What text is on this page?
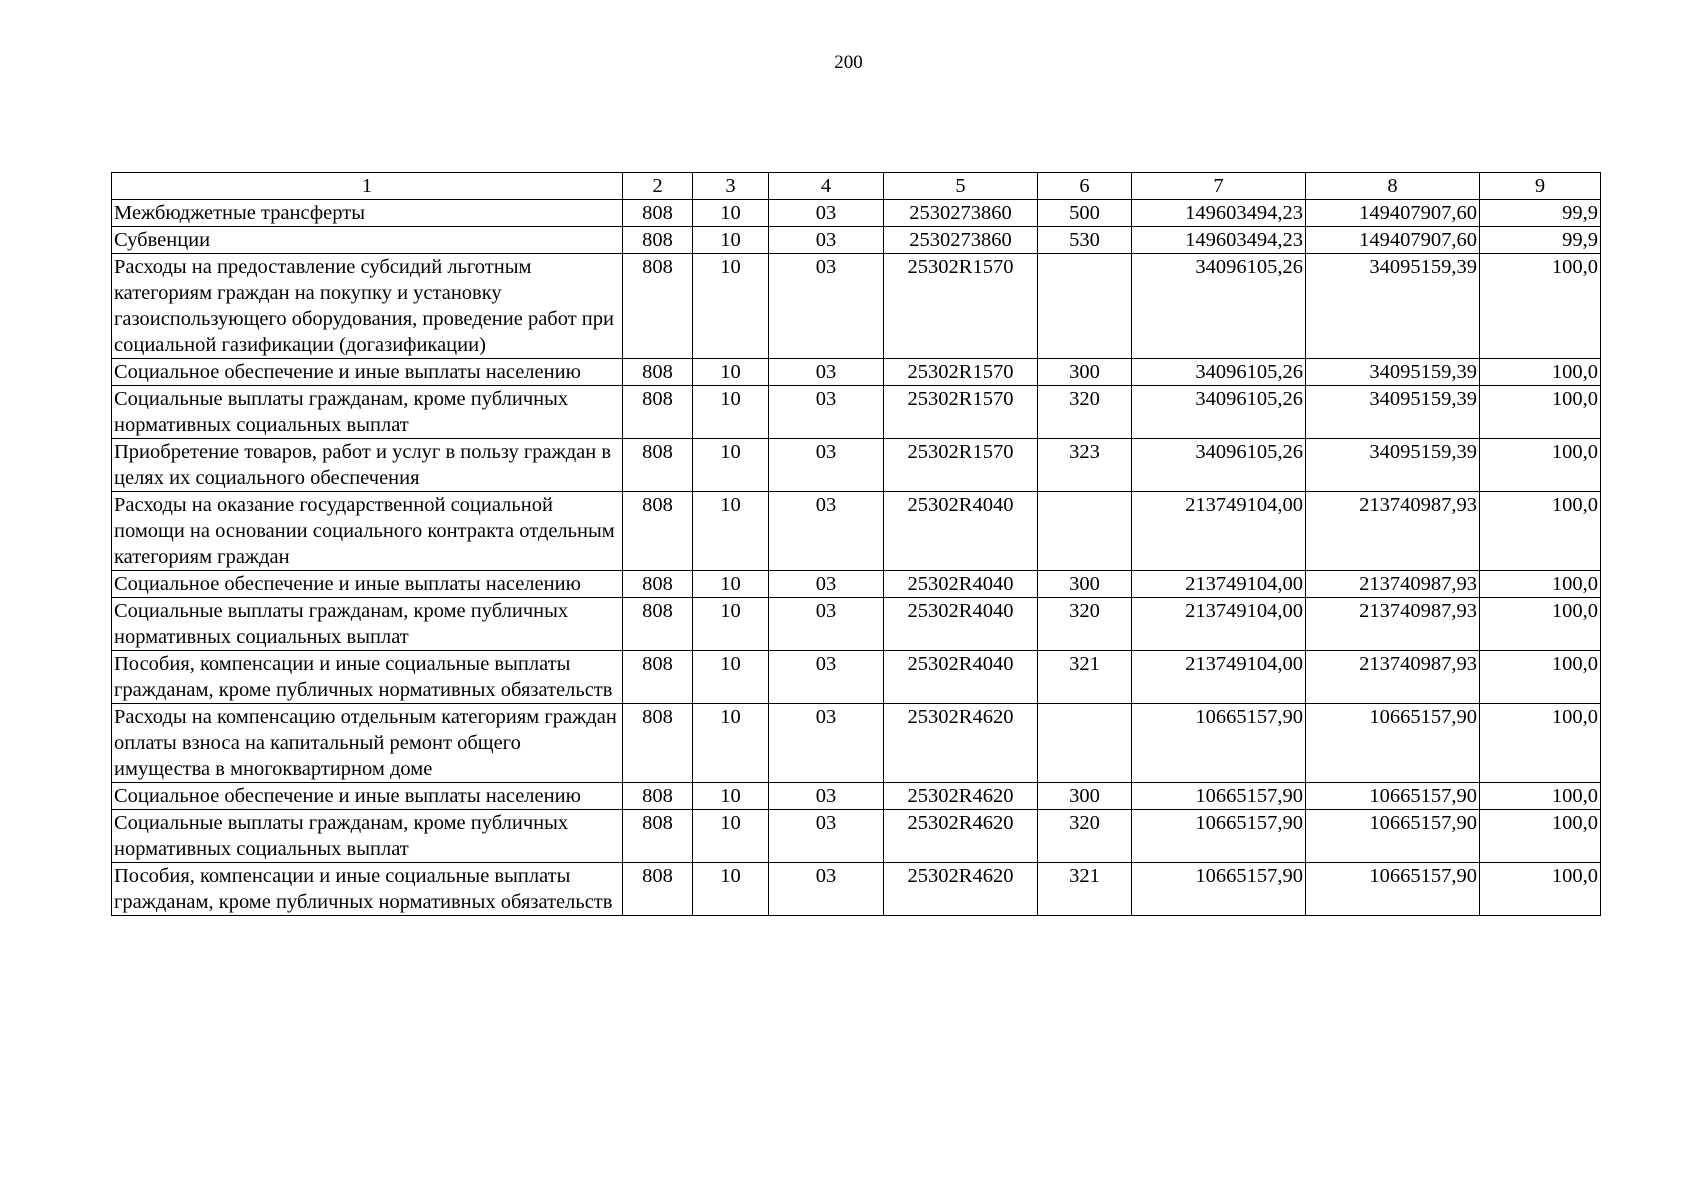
200
1	2	3	4	5	6	7	8	9
Межбюджетные трансферты	808	10	03	2530273860	500	149603494,23	149407907,60	99,9
Субвенции	808	10	03	2530273860	530	149603494,23	149407907,60	99,9
Расходы на предоставление субсидий льготным категориям граждан на покупку и установку газоиспользующего оборудования, проведение работ при социальной газификации (догазификации)	808	10	03	25302R1570		34096105,26	34095159,39	100,0
Социальное обеспечение и иные выплаты населению	808	10	03	25302R1570	300	34096105,26	34095159,39	100,0
Социальные выплаты гражданам, кроме публичных нормативных социальных выплат	808	10	03	25302R1570	320	34096105,26	34095159,39	100,0
Приобретение товаров, работ и услуг в пользу граждан в целях их социального обеспечения	808	10	03	25302R1570	323	34096105,26	34095159,39	100,0
Расходы на оказание государственной социальной помощи на основании социального контракта отдельным категориям граждан	808	10	03	25302R4040		213749104,00	213740987,93	100,0
Социальное обеспечение и иные выплаты населению	808	10	03	25302R4040	300	213749104,00	213740987,93	100,0
Социальные выплаты гражданам, кроме публичных нормативных социальных выплат	808	10	03	25302R4040	320	213749104,00	213740987,93	100,0
Пособия, компенсации и иные социальные выплаты гражданам, кроме публичных нормативных обязательств	808	10	03	25302R4040	321	213749104,00	213740987,93	100,0
Расходы на компенсацию отдельным категориям граждан оплаты взноса на капитальный ремонт общего имущества в многоквартирном доме	808	10	03	25302R4620		10665157,90	10665157,90	100,0
Социальное обеспечение и иные выплаты населению	808	10	03	25302R4620	300	10665157,90	10665157,90	100,0
Социальные выплаты гражданам, кроме публичных нормативных социальных выплат	808	10	03	25302R4620	320	10665157,90	10665157,90	100,0
Пособия, компенсации и иные социальные выплаты гражданам, кроме публичных нормативных обязательств	808	10	03	25302R4620	321	10665157,90	10665157,90	100,0
